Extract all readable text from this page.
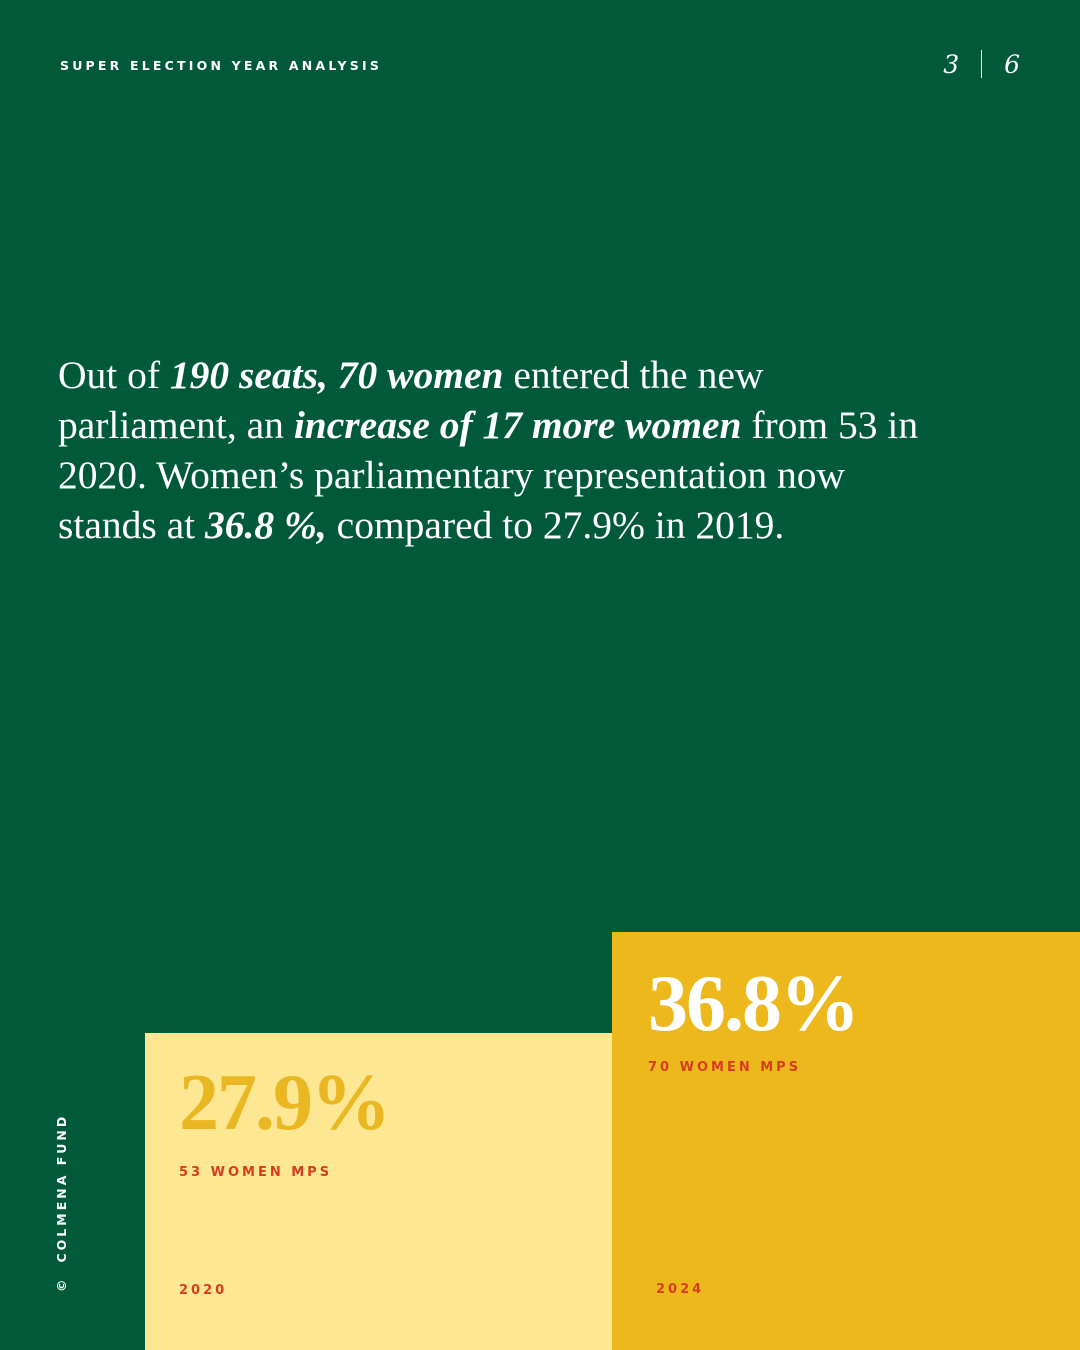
SUPER ELECTION YEAR ANALYSIS	3 6

Out of 190 seats, 70 women entered the new parliament, an increase of 17 more women from 53 in 2020. Women’s parliamentary representation now stands at 36.8 %, compared to 27.9% in 2019.

©COLMENA FUND
27.9%
53 WOMEN MPS
2020
36.8%
70 WOMEN MPS
2024
